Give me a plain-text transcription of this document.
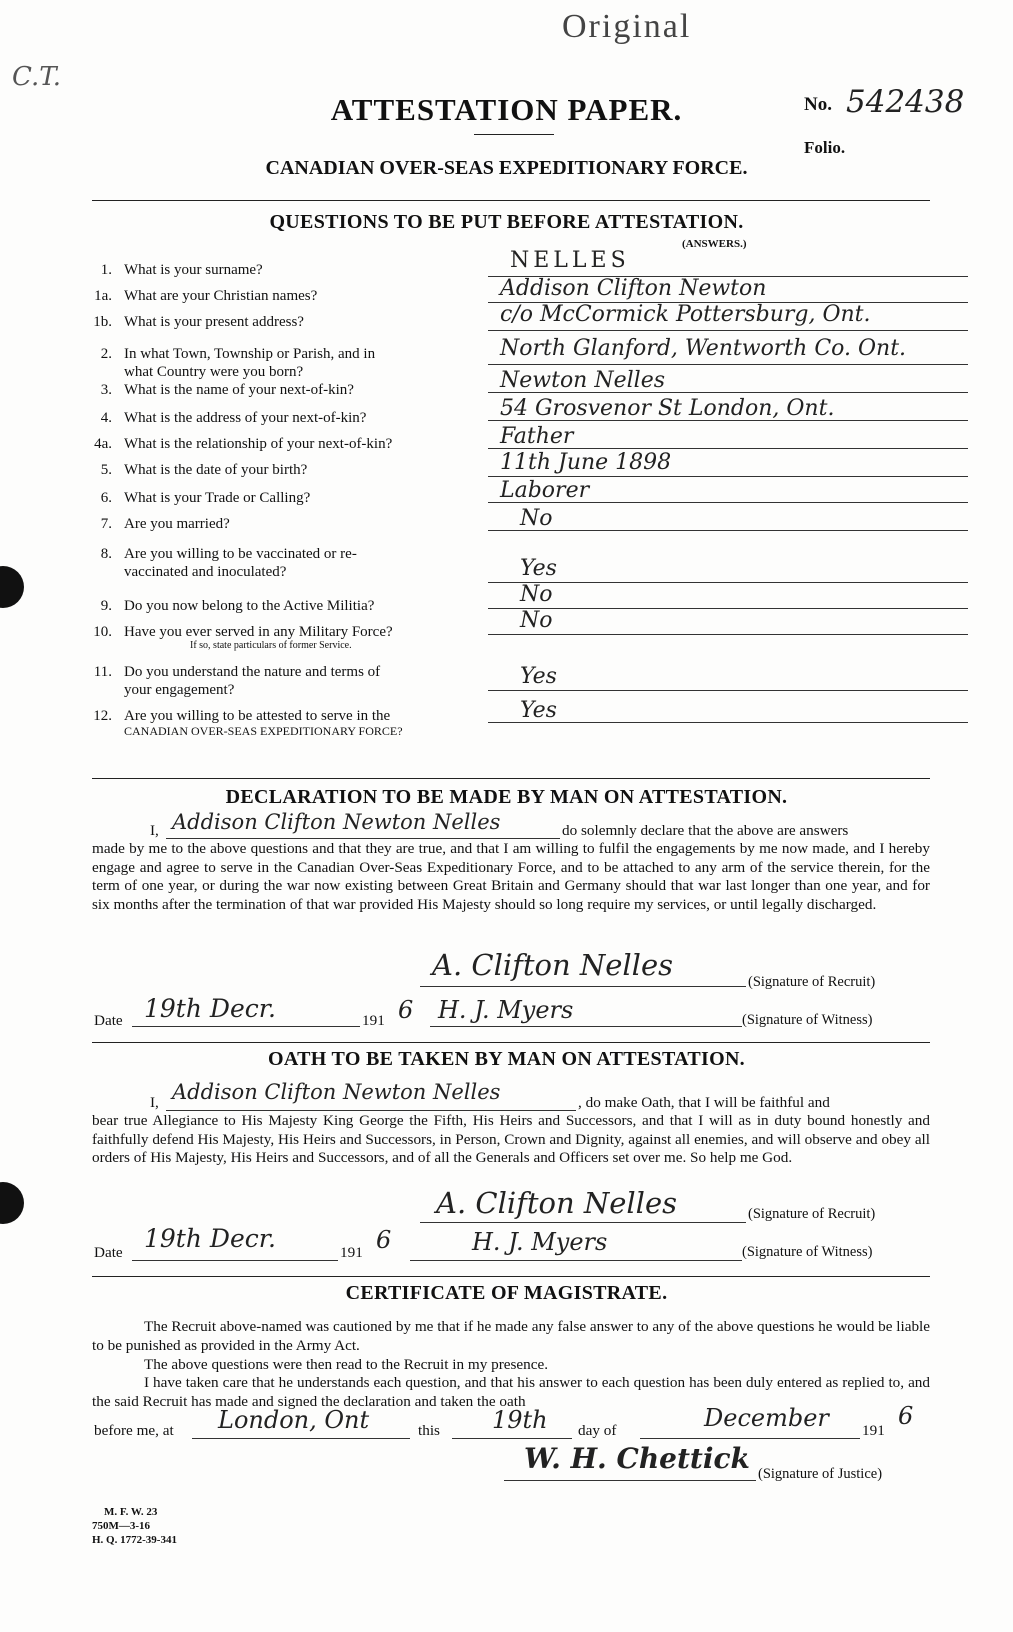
C.T.
Original
ATTESTATION PAPER.	No. 542438
Folio.
CANADIAN OVER-SEAS EXPEDITIONARY FORCE.
QUESTIONS TO BE PUT BEFORE ATTESTATION.
(ANSWERS.)
1. What is your surname?	NELLES
1a. What are your Christian names?	Addison Clifton Newton
1b. What is your present address?	c/o McCormick Pottersburg, Ont.
2. In what Town, Township or Parish, and in
what Country were you born?
North Glanford, Wentworth Co. Ont.
3. What is the name of your next-of-kin?	Newton Nelles
4. What is the address of your next-of-kin?	54 Grosvenor St London, Ont.
4a. What is the relationship of your next-of-kin?	Father
5. What is the date of your birth?	11th June 1898
6. What is your Trade or Calling?	Laborer
7. Are you married?	No
8. Are you willing to be vaccinated or re-
vaccinated and inoculated?	Yes
9. Do you now belong to the Active Militia?	No
10. Have you ever served in any Military Force?
If so, state particulars of former Service.
No
11. Do you understand the nature and terms of
your engagement?
Yes
12. Are you willing to be attested to serve in the
CANADIAN OVER-SEAS EXPEDITIONARY FORCE?
Yes
DECLARATION TO BE MADE BY MAN ON ATTESTATION.
I, Addison Clifton Newton Nelles	do solemnly declare that the above are answers
made by me to the above questions and that they are true, and that I am willing to fulfil the engagements by me now made, and I hereby engage and agree to serve in the Canadian Over-Seas Expeditionary Force, and to be attached to any arm of the service therein, for the term of one year, or during the war now existing between Great Britain and Germany should that war last longer than one year, and for six months after the termination of that war provided His Majesty should so long require my services, or until legally discharged.
A. Clifton Nelles	(Signature of Recruit)
Date 19th Decr.	191 6 H. J. Myers	(Signature of Witness)
OATH TO BE TAKEN BY MAN ON ATTESTATION.
I, Addison Clifton Newton Nelles	, do make Oath, that I will be faithful and
bear true Allegiance to His Majesty King George the Fifth, His Heirs and Successors, and that I will as in duty bound honestly and faithfully defend His Majesty, His Heirs and Successors, in Person, Crown and Dignity, against all enemies, and will observe and obey all orders of His Majesty, His Heirs and Successors, and of all the Generals and Officers set over me. So help me God.
A. Clifton Nelles	(Signature of Recruit)
Date 19th Decr.	191 6	H. J. Myers	(Signature of Witness)
CERTIFICATE OF MAGISTRATE.
The Recruit above-named was cautioned by me that if he made any false answer to any of the above questions he would be liable to be punished as provided in the Army Act.
The above questions were then read to the Recruit in my presence.
I have taken care that he understands each question, and that his answer to each question has been duly entered as replied to, and the said Recruit has made and signed the declaration and taken the oath
before me, at London, Ont	this 19th day of	December 191
6
W. H. Chettick (Signature of Justice)
M. F. W. 23
750M—3-16
H. Q. 1772-39-341
